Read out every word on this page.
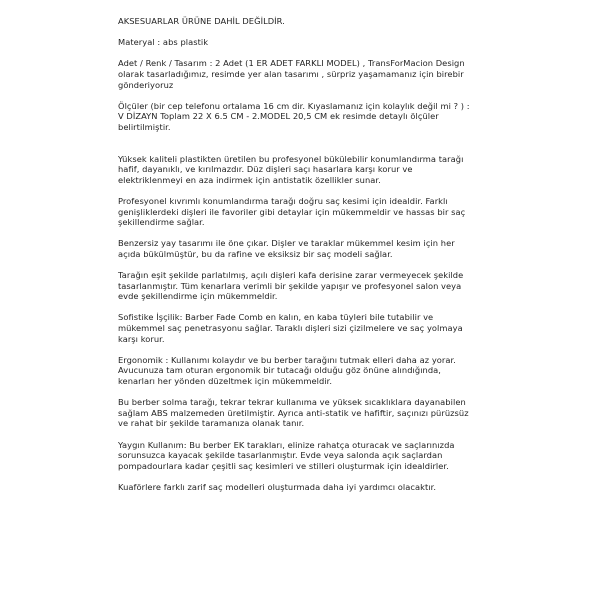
AKSESUARLAR ÜRÜNE DAHİL DEĞİLDİR.

Materyal : abs plastik

Adet / Renk / Tasarım : 2 Adet (1 ER ADET FARKLI MODEL) , TransForMacion Design olarak tasarladığımız, resimde yer alan tasarımı , sürpriz yaşamamanız için birebir gönderiyoruz

Ölçüler (bir cep telefonu ortalama 16 cm dir. Kıyaslamanız için kolaylık değil mi ? ) : V DİZAYN Toplam 22 X 6.5 CM - 2.MODEL 20,5 CM ek resimde detaylı ölçüler belirtilmiştir.

Yüksek kaliteli plastikten üretilen bu profesyonel bükülebilir konumlandırma tarağı hafif, dayanıklı, ve kırılmazdır. Düz dişleri saçı hasarlara karşı korur ve elektriklenmeyi en aza indirmek için antistatik özellikler sunar.

Profesyonel kıvrımlı konumlandırma tarağı doğru saç kesimi için idealdir. Farklı genişliklerdeki dişleri ile favoriler gibi detaylar için mükemmeldir ve hassas bir saç şekillendirme sağlar.

Benzersiz yay tasarımı ile öne çıkar. Dişler ve taraklar mükemmel kesim için her açıda bükülmüştür, bu da rafine ve eksiksiz bir saç modeli sağlar.

Tarağın eşit şekilde parlatılmış, açılı dişleri kafa derisine zarar vermeyecek şekilde tasarlanmıştır. Tüm kenarlara verimli bir şekilde yapışır ve profesyonel salon veya evde şekillendirme için mükemmeldir.

Sofistike İşçilik: Barber Fade Comb en kalın, en kaba tüyleri bile tutabilir ve mükemmel saç penetrasyonu sağlar. Taraklı dişleri sizi çizilmelere ve saç yolmaya karşı korur.

Ergonomik : Kullanımı kolaydır ve bu berber tarağını tutmak elleri daha az yorar. Avucunuza tam oturan ergonomik bir tutacağı olduğu göz önüne alındığında, kenarları her yönden düzeltmek için mükemmeldir.

Bu berber solma tarağı, tekrar tekrar kullanıma ve yüksek sıcaklıklara dayanabilen sağlam ABS malzemeden üretilmiştir. Ayrıca anti-statik ve hafiftir, saçınızı pürüzsüz ve rahat bir şekilde taramanıza olanak tanır.

Yaygın Kullanım: Bu berber EK tarakları, elinize rahatça oturacak ve saçlarınızda sorunsuzca kayacak şekilde tasarlanmıştır. Evde veya salonda açık saçlardan pompadourlara kadar çeşitli saç kesimleri ve stilleri oluşturmak için idealdirler.

Kuaförlere farklı zarif saç modelleri oluşturmada daha iyi yardımcı olacaktır.
